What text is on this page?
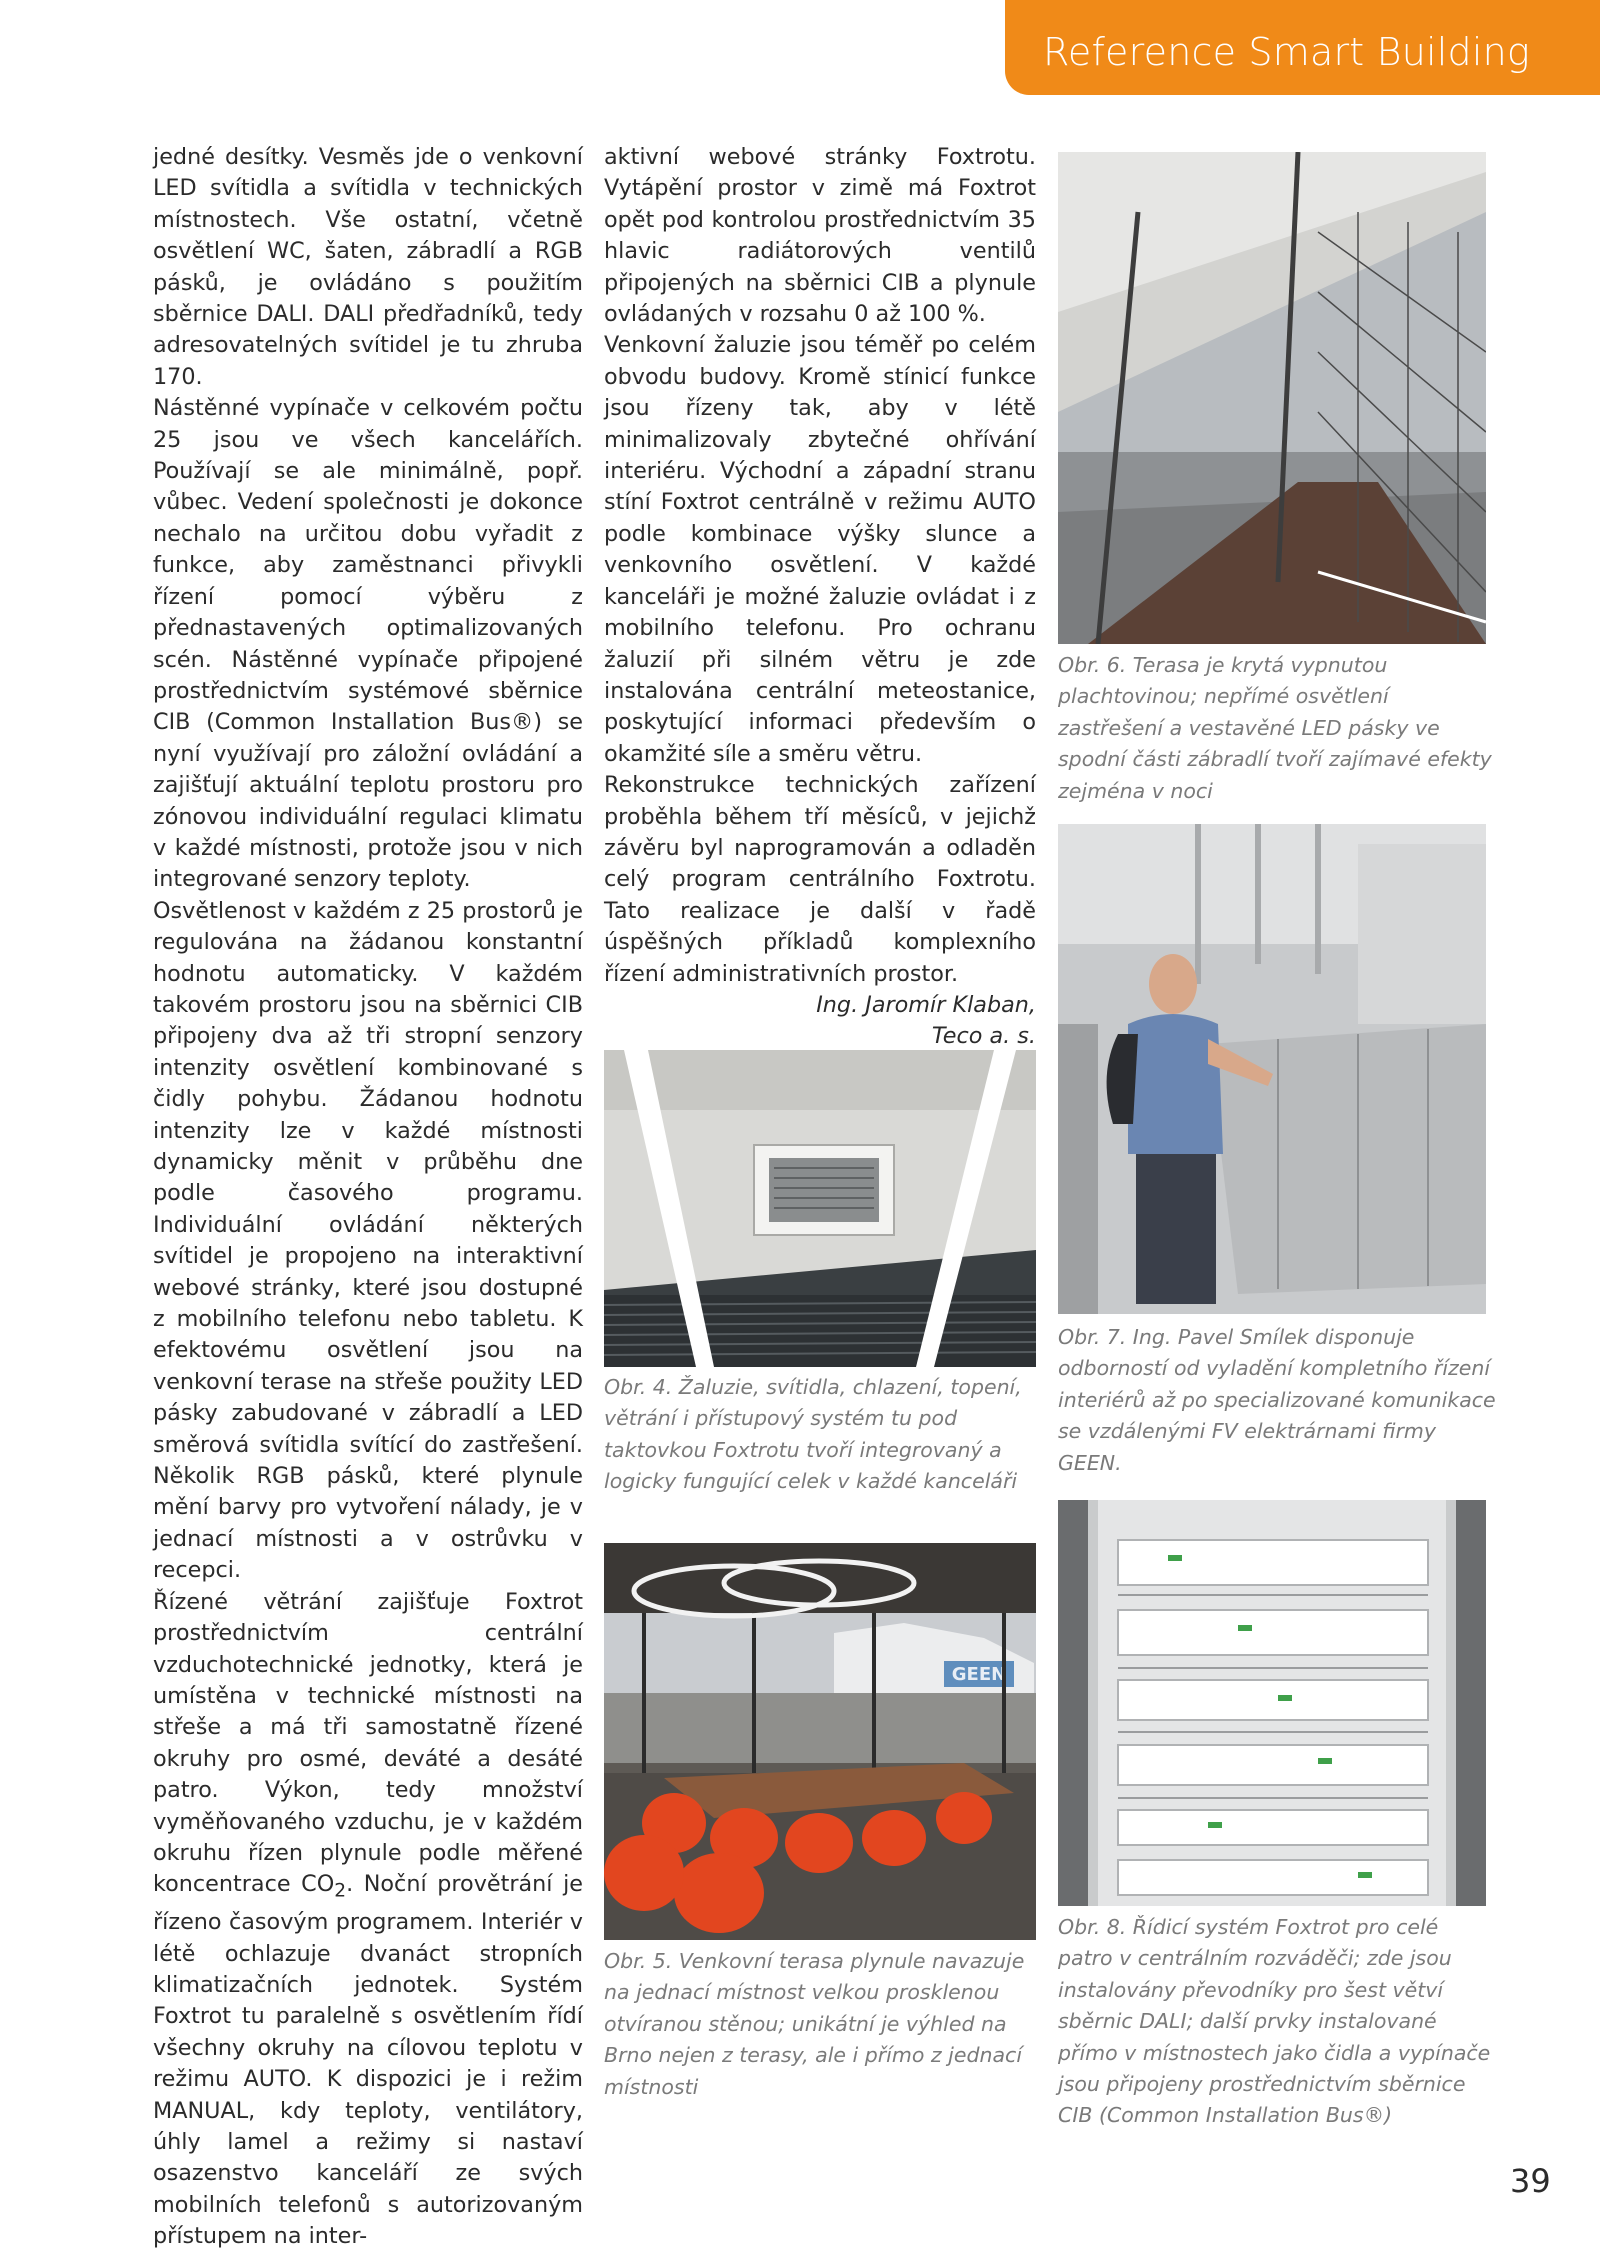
Reference Smart Building

jedné desítky. Vesměs jde o venkovní LED svítidla a svítidla v technických místnostech. Vše ostatní, včetně osvětlení WC, šaten, zábradlí a RGB pásků, je ovládáno s použitím sběrnice DALI. DALI předřadníků, tedy adresovatelných svítidel je tu zhruba 170.

Nástěnné vypínače v celkovém počtu 25 jsou ve všech kancelářích. Používají se ale minimálně, popř. vůbec. Vedení společnosti je dokonce nechalo na určitou dobu vyřadit z funkce, aby zaměstnanci přivykli řízení pomocí výběru z přednastavených optimalizovaných scén. Nástěnné vypínače připojené prostřednictvím systémové sběrnice CIB (Common Installation Bus®) se nyní využívají pro záložní ovládání a zajišťují aktuální teplotu prostoru pro zónovou individuální regulaci klimatu v každé místnosti, protože jsou v nich integrované senzory teploty.

Osvětlenost v každém z 25 prostorů je regulována na žádanou konstantní hodnotu automaticky. V každém takovém prostoru jsou na sběrnici CIB připojeny dva až tři stropní senzory intenzity osvětlení kombinované s čidly pohybu. Žádanou hodnotu intenzity lze v každé místnosti dynamicky měnit v průběhu dne podle časového programu. Individuální ovládání některých svítidel je propojeno na interaktivní webové stránky, které jsou dostupné z mobilního telefonu nebo tabletu. K efektovému osvětlení jsou na venkovní terase na střeše použity LED pásky zabudované v zábradlí a LED směrová svítidla svítící do zastřešení. Několik RGB pásků, které plynule mění barvy pro vytvoření nálady, je v jednací místnosti a v ostrůvku v recepci.

Řízené větrání zajišťuje Foxtrot prostřednictvím centrální vzduchotechnické jednotky, která je umístěna v technické místnosti na střeše a má tři samostatně řízené okruhy pro osmé, deváté a desáté patro. Výkon, tedy množství vyměňovaného vzduchu, je v každém okruhu řízen plynule podle měřené koncentrace $CO_2$. Noční provětrání je řízeno časovým programem. Interiér v létě ochlazuje dvanáct stropních klimatizačních jednotek. Systém Foxtrot tu paralelně s osvětlením řídí všechny okruhy na cílovou teplotu v režimu AUTO. K dispozici je i režim MANUAL, kdy teploty, ventilátory, úhly lamel a režimy si nastaví osazenstvo kanceláří ze svých mobilních telefonů s autorizovaným přístupem na inter-

aktivní webové stránky Foxtrotu. Vytápění prostor v zimě má Foxtrot opět pod kontrolou prostřednictvím 35 hlavic radiátorových ventilů připojených na sběrnici CIB a plynule ovládaných v rozsahu 0 až 100 %.

Venkovní žaluzie jsou téměř po celém obvodu budovy. Kromě stínicí funkce jsou řízeny tak, aby v létě minimalizovaly zbytečné ohřívání interiéru. Východní a západní stranu stíní Foxtrot centrálně v režimu AUTO podle kombinace výšky slunce a venkovního osvětlení. V každé kanceláři je možné žaluzie ovládat i z mobilního telefonu. Pro ochranu žaluzií při silném větru je zde instalována centrální meteostanice, poskytující informaci především o okamžité síle a směru větru.

Rekonstrukce technických zařízení proběhla během tří měsíců, v jejichž závěru byl naprogramován a odladěn celý program centrálního Foxtrotu. Tato realizace je další v řadě úspěšných příkladů komplexního řízení administrativních prostor.

Ing. Jaromír Klaban,

Teco a. s.

Obr. 4. Žaluzie, svítidla, chlazení, topení, větrání i přístupový systém tu pod taktovkou Foxtrotu tvoří integrovaný a logicky fungující celek v každé kanceláři
GEEN
Obr. 5. Venkovní terasa plynule navazuje na jednací místnost velkou prosklenou otvíranou stěnou; unikátní je výhled na Brno nejen z terasy, ale i přímo z jednací místnosti
Obr. 6. Terasa je krytá vypnutou plachtovinou; nepřímé osvětlení zastřešení a vestavěné LED pásky ve spodní části zábradlí tvoří zajímavé efekty zejména v noci
Obr. 7. Ing. Pavel Smílek disponuje odborností od vyladění kompletního řízení interiérů až po specializované komunikace se vzdálenými FV elektrárnami firmy GEEN.
Obr. 8. Řídicí systém Foxtrot pro celé patro v centrálním rozváděči; zde jsou instalovány převodníky pro šest větví sběrnic DALI; další prvky instalované přímo v místnostech jako čidla a vypínače jsou připojeny prostřednictvím sběrnice CIB (Common Installation Bus®)
39
